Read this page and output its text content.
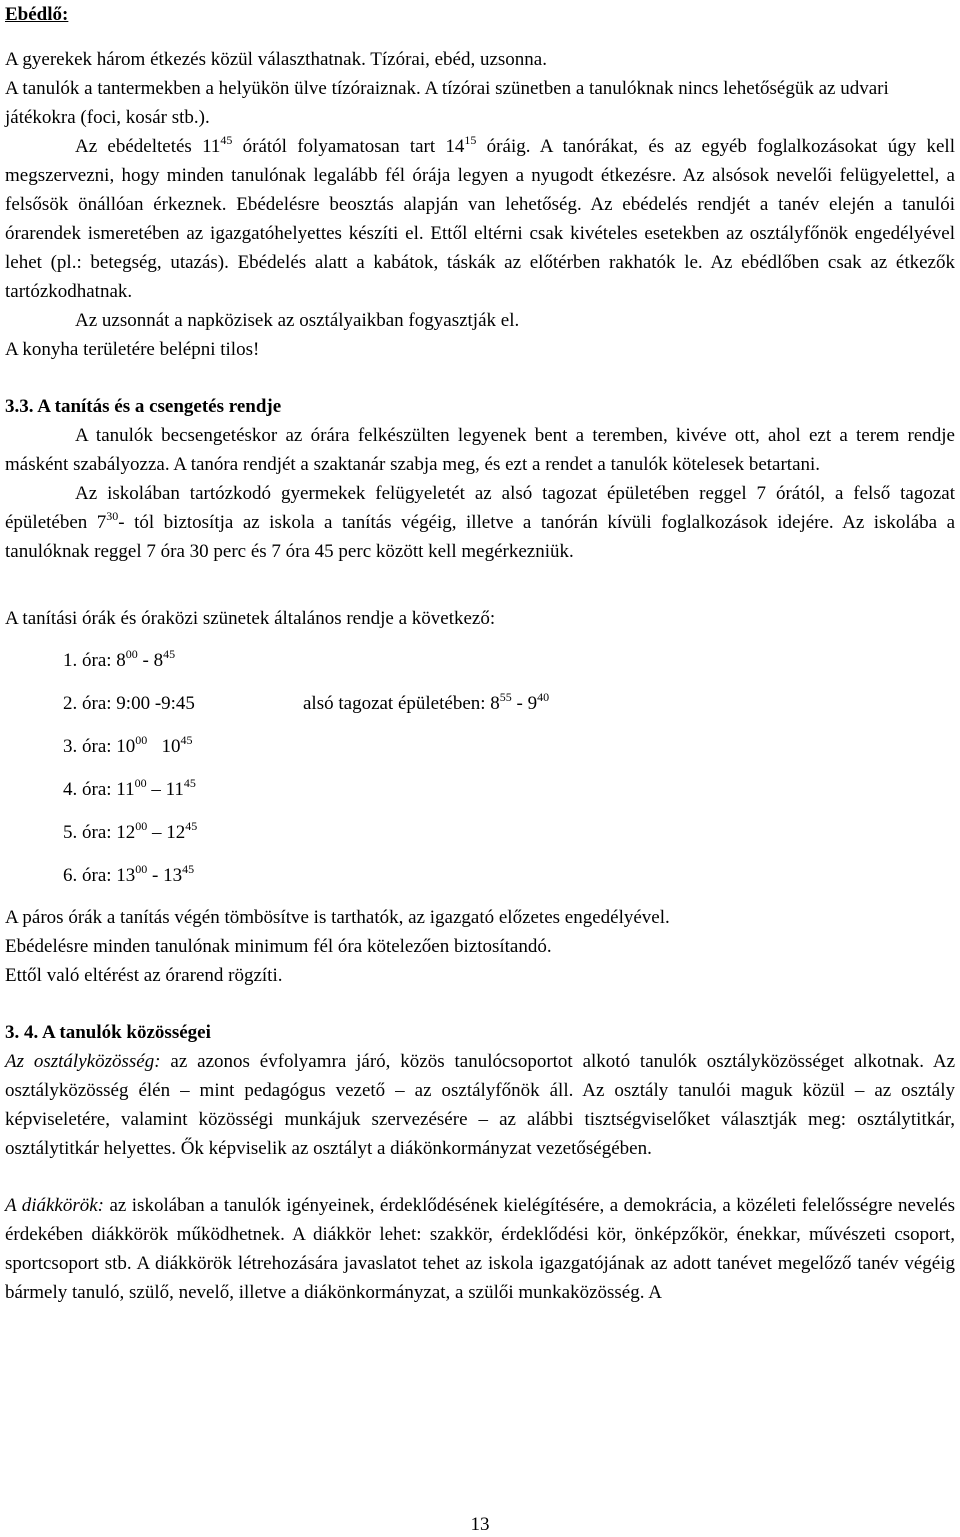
Ebédlő:

A gyerekek három étkezés közül választhatnak. Tízórai, ebéd, uzsonna.

A tanulók a tantermekben a helyükön ülve tízóraiznak. A tízórai szünetben a tanulóknak nincs lehetőségük az udvari játékokra (foci, kosár stb.).

Az ebédeltetés $11^{45}$ órától folyamatosan tart $14^{15}$ óráig. A tanórákat, és az egyéb foglalkozásokat úgy kell megszervezni, hogy minden tanulónak legalább fél órája legyen a nyugodt étkezésre. Az alsósok nevelői felügyelettel, a felsősök önállóan érkeznek. Ebédelésre beosztás alapján van lehetőség. Az ebédelés rendjét a tanév elején a tanulói órarendek ismeretében az igazgatóhelyettes készíti el. Ettől eltérni csak kivételes esetekben az osztályfőnök engedélyével lehet (pl.: betegség, utazás). Ebédelés alatt a kabátok, táskák az előtérben rakhatók le. Az ebédlőben csak az étkezők tartózkodhatnak.

Az uzsonnát a napközisek az osztályaikban fogyasztják el.

A konyha területére belépni tilos!

3.3. A tanítás és a csengetés rendje

A tanulók becsengetéskor az órára felkészülten legyenek bent a teremben, kivéve ott, ahol ezt a terem rendje másként szabályozza. A tanóra rendjét a szaktanár szabja meg, és ezt a rendet a tanulók kötelesek betartani.

Az iskolában tartózkodó gyermekek felügyeletét az alsó tagozat épületében reggel 7 órától, a felső tagozat épületében $7^{30}-$ tól biztosítja az iskola a tanítás végéig, illetve a tanórán kívüli foglalkozások idejére. Az iskolába a tanulóknak reggel 7 óra 30 perc és 7 óra 45 perc között kell megérkezniük.

A tanítási órák és óraközi szünetek általános rendje a következő:

1. óra: $8^{00} - 8^{45}$
2. óra: 9:00 -9:45	alsó tagozat épületében: $8^{55} - 9^{40}$
3. óra: $10^{00}$   $10^{45}$
4. óra: $11^{00} - 11^{45}$
5. óra: $12^{00} - 12^{45}$
6. óra: $13^{00} - 13^{45}$

A páros órák a tanítás végén tömbösítve is tarthatók, az igazgató előzetes engedélyével.

Ebédelésre minden tanulónak minimum fél óra kötelezően biztosítandó.

Ettől való eltérést az órarend rögzíti.

3. 4. A tanulók közösségei

Az osztályközösség: az azonos évfolyamra járó, közös tanulócsoportot alkotó tanulók osztályközösséget alkotnak. Az osztályközösség élén – mint pedagógus vezető – az osztályfőnök áll. Az osztály tanulói maguk közül – az osztály képviseletére, valamint közösségi munkájuk szervezésére – az alábbi tisztségviselőket választják meg: osztálytitkár, osztálytitkár helyettes. Ők képviselik az osztályt a diákönkormányzat vezetőségében.

A diákkörök: az iskolában a tanulók igényeinek, érdeklődésének kielégítésére, a demokrácia, a közéleti felelősségre nevelés érdekében diákkörök működhetnek. A diákkör lehet: szakkör, érdeklődési kör, önképzőkör, énekkar, művészeti csoport, sportcsoport stb. A diákkörök létrehozására javaslatot tehet az iskola igazgatójának az adott tanévet megelőző tanév végéig bármely tanuló, szülő, nevelő, illetve a diákönkormányzat, a szülői munkaközösség. A

13
